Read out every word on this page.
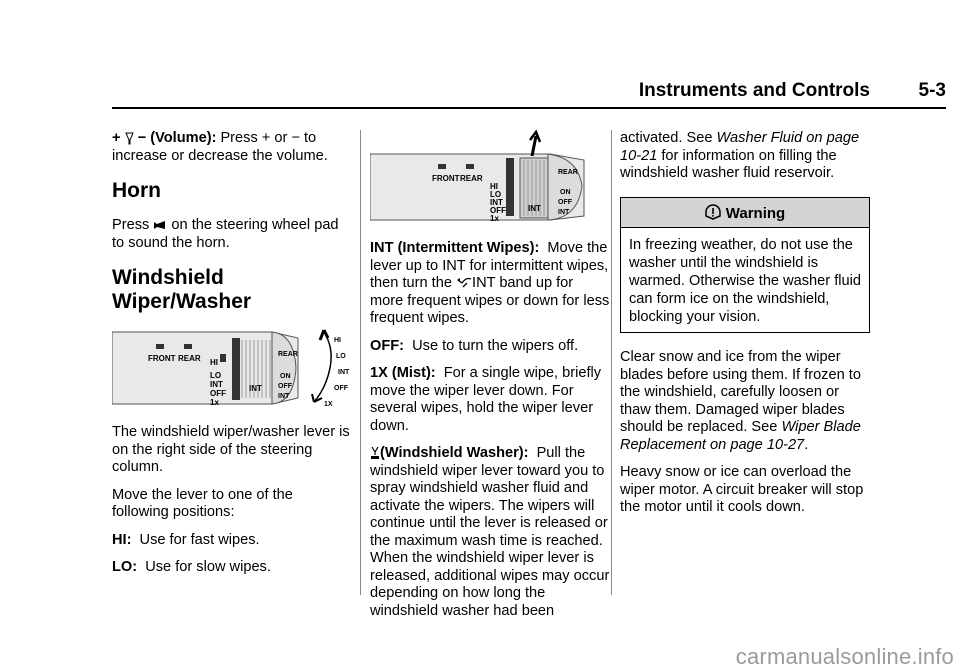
Instruments and Controls	5-3

+  − (Volume): Press + or − to increase or decrease the volume.

Horn

Press  on the steering wheel pad to sound the horn.

Windshield Wiper/Washer
FRONT REAR HI
LO
INT
OFF
1x
INT
REAR
ON
OFF
INT
HI
LO
INT
OFF
1X

The windshield wiper/washer lever is on the right side of the steering column.

Move the lever to one of the following positions:

HI: Use for fast wipes.

LO: Use for slow wipes.

FRONT REAR
HI
LO
INT
OFF
1x
INT
REAR
ON
OFF
INT

INT (Intermittent Wipes): Move the lever up to INT for intermittent wipes, then turn the INT band up for more frequent wipes or down for less frequent wipes.

OFF: Use to turn the wipers off.

1X (Mist): For a single wipe, briefly move the wiper lever down. For several wipes, hold the wiper lever down.

(Windshield Washer): Pull the windshield wiper lever toward you to spray windshield washer fluid and activate the wipers. The wipers will continue until the lever is released or the maximum wash time is reached. When the windshield wiper lever is released, additional wipes may occur depending on how long the windshield washer had been

activated. See Washer Fluid on page 10-21 for information on filling the windshield washer fluid reservoir.

Warning
In freezing weather, do not use the washer until the windshield is warmed. Otherwise the washer fluid can form ice on the windshield, blocking your vision.

Clear snow and ice from the wiper blades before using them. If frozen to the windshield, carefully loosen or thaw them. Damaged wiper blades should be replaced. See Wiper Blade Replacement on page 10-27.

Heavy snow or ice can overload the wiper motor. A circuit breaker will stop the motor until it cools down.

carmanualsonline.info
